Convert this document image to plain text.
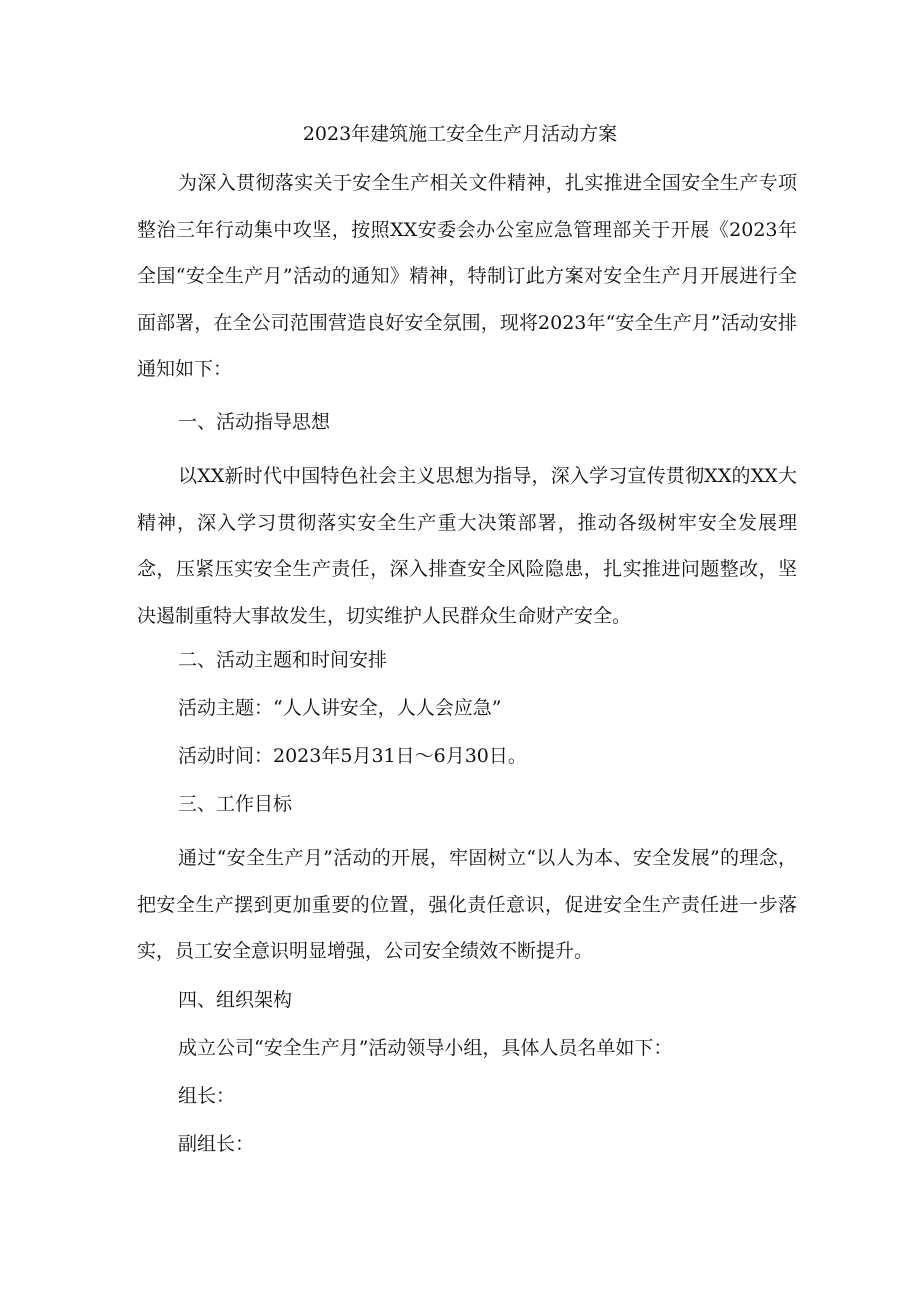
2023年建筑施工安全生产月活动方案

为深入贯彻落实关于安全生产相关文件精神，扎实推进全国安全生产专项整治三年行动集中攻坚，按照XX安委会办公室应急管理部关于开展《2023年全国“安全生产月”活动的通知》精神，特制订此方案对安全生产月开展进行全面部署，在全公司范围营造良好安全氛围，现将2023年“安全生产月”活动安排通知如下：

一、活动指导思想

以XX新时代中国特色社会主义思想为指导，深入学习宣传贯彻XX的XX大精神，深入学习贯彻落实安全生产重大决策部署，推动各级树牢安全发展理念，压紧压实安全生产责任，深入排查安全风险隐患，扎实推进问题整改，坚决遏制重特大事故发生，切实维护人民群众生命财产安全。

二、活动主题和时间安排

活动主题：“人人讲安全，人人会应急”

活动时间：2023年5月31日～6月30日。

三、工作目标

通过“安全生产月”活动的开展，牢固树立“以人为本、安全发展”的理念，把安全生产摆到更加重要的位置，强化责任意识，促进安全生产责任进一步落实，员工安全意识明显增强，公司安全绩效不断提升。

四、组织架构

成立公司“安全生产月”活动领导小组，具体人员名单如下：

组长：

副组长：
